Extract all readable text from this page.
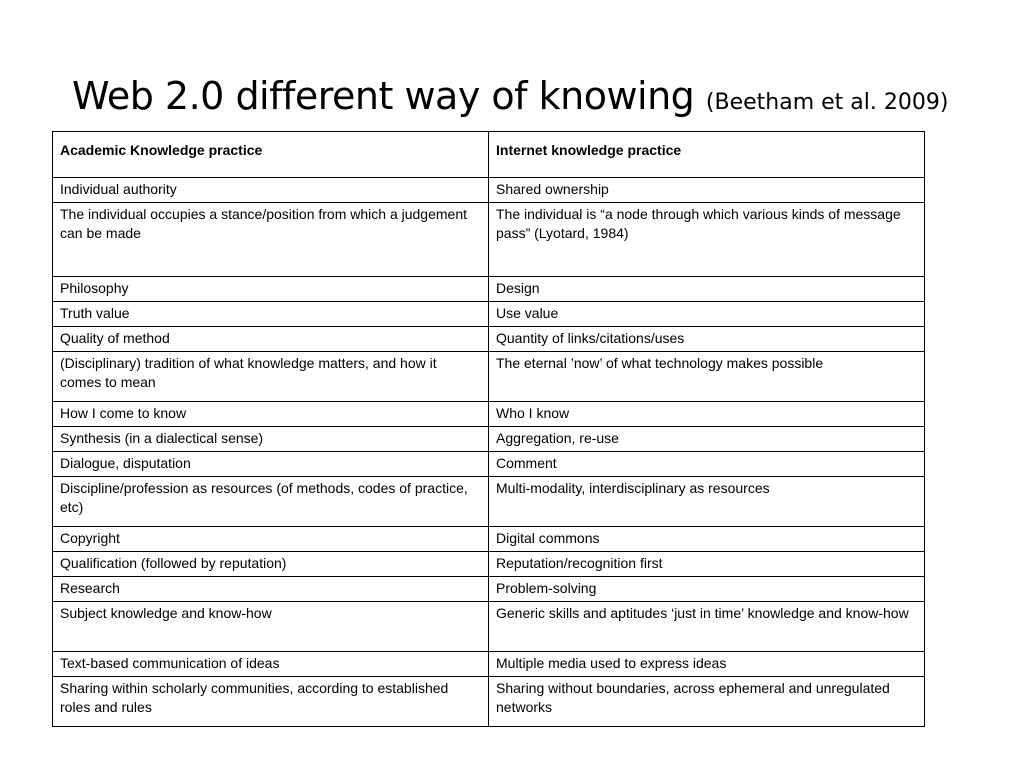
Web 2.0 different way of knowing (Beetham et al. 2009)
Academic Knowledge practice	Internet knowledge practice
Individual authority	Shared ownership
The individual occupies a stance/position from which a judgement can be made	The individual is “a node through which various kinds of message pass” (Lyotard, 1984)
Philosophy	Design
Truth value	Use value
Quality of method	Quantity of links/citations/uses
(Disciplinary) tradition of what knowledge matters, and how it comes to mean	The eternal ’now’ of what technology makes possible
How I come to know	Who I know
Synthesis (in a dialectical sense)	Aggregation, re-use
Dialogue, disputation	Comment
Discipline/profession as resources (of methods, codes of practice, etc)	Multi-modality, interdisciplinary as resources
Copyright	Digital commons
Qualification (followed by reputation)	Reputation/recognition first
Research	Problem-solving
Subject knowledge and know-how	Generic skills and aptitudes ‘just in time’ knowledge and know-how
Text-based communication of ideas	Multiple media used to express ideas
Sharing within scholarly communities, according to established roles and rules	Sharing without boundaries, across ephemeral and unregulated networks
